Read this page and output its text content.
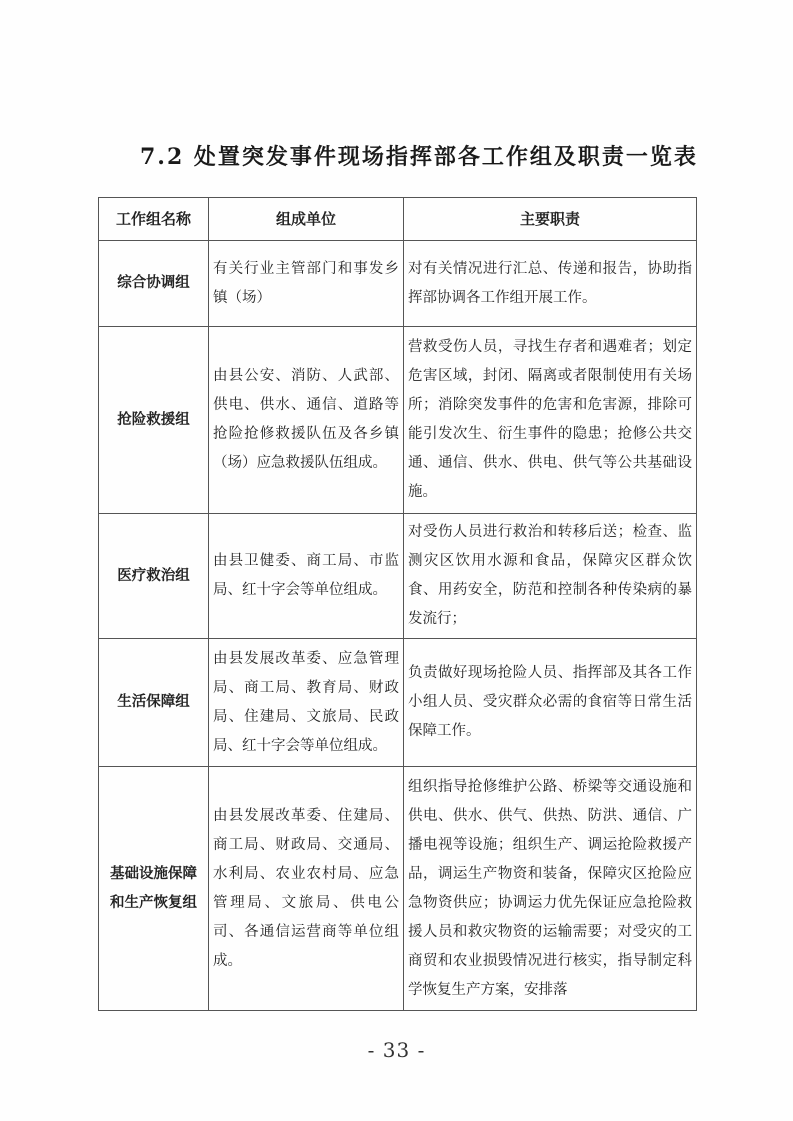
7.2 处置突发事件现场指挥部各工作组及职责一览表
工作组名称	组成单位	主要职责
综合协调组	有关行业主管部门和事发乡镇（场）	对有关情况进行汇总、传递和报告，协助指挥部协调各工作组开展工作。
抢险救援组	由县公安、消防、人武部、供电、供水、通信、道路等抢险抢修救援队伍及各乡镇（场）应急救援队伍组成。	营救受伤人员，寻找生存者和遇难者；划定危害区域，封闭、隔离或者限制使用有关场所；消除突发事件的危害和危害源，排除可能引发次生、衍生事件的隐患；抢修公共交通、通信、供水、供电、供气等公共基础设施。
医疗救治组	由县卫健委、商工局、市监局、红十字会等单位组成。	对受伤人员进行救治和转移后送；检查、监测灾区饮用水源和食品，保障灾区群众饮食、用药安全，防范和控制各种传染病的暴发流行；
生活保障组	由县发展改革委、应急管理局、商工局、教育局、财政局、住建局、文旅局、民政局、红十字会等单位组成。	负责做好现场抢险人员、指挥部及其各工作小组人员、受灾群众必需的食宿等日常生活保障工作。
基础设施保障和生产恢复组	由县发展改革委、住建局、商工局、财政局、交通局、水利局、农业农村局、应急管理局、文旅局、供电公司、各通信运营商等单位组成。	组织指导抢修维护公路、桥梁等交通设施和供电、供水、供气、供热、防洪、通信、广播电视等设施；组织生产、调运抢险救援产品，调运生产物资和装备，保障灾区抢险应急物资供应；协调运力优先保证应急抢险救援人员和救灾物资的运输需要；对受灾的工商贸和农业损毁情况进行核实，指导制定科学恢复生产方案，安排落
- 33 -
